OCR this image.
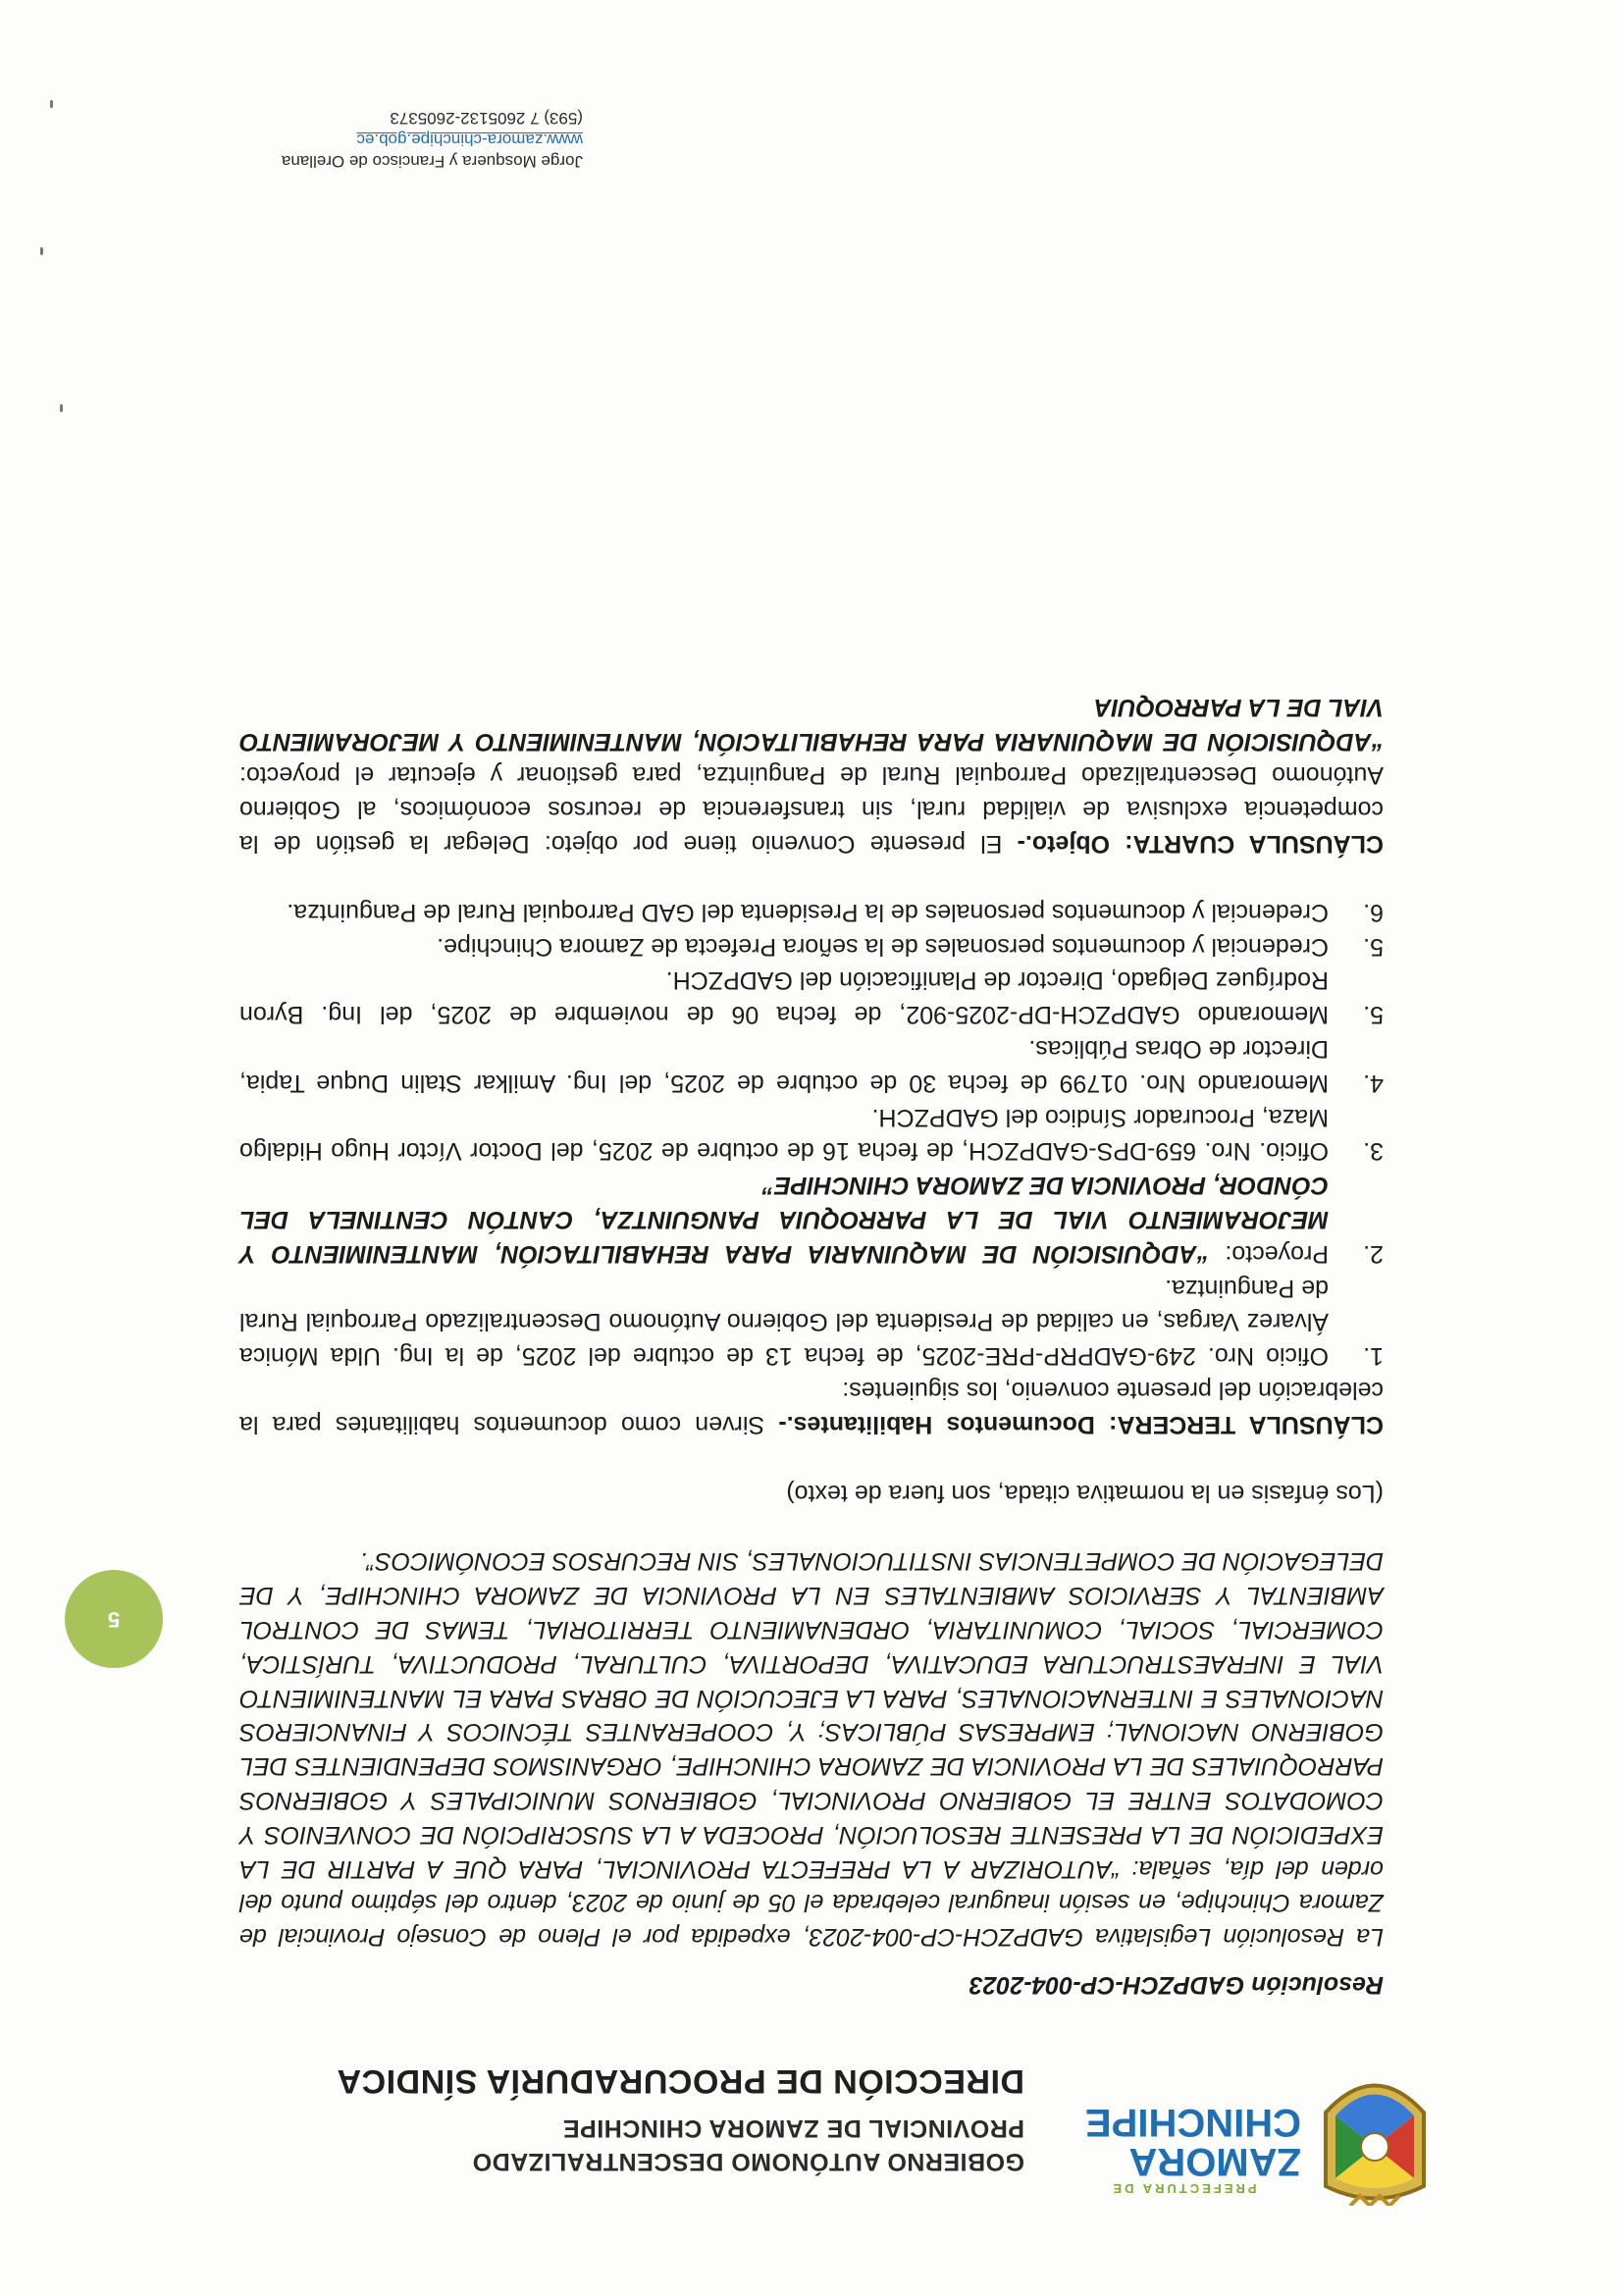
PREFECTURA DE
ZAMORA
CHINCHIPE
GOBIERNO AUTÓNOMO DESCENTRALIZADO
PROVINCIAL DE ZAMORA CHINCHIPE
DIRECCIÓN DE PROCURADURÍA SÍNDICA
5

Resolución GADPZCH-CP-004-2023

La Resolución Legislativa GADPZCH-CP-004-2023, expedida por el Pleno de Consejo Provincial de Zamora Chinchipe, en sesión inaugural celebrada el 05 de junio de 2023, dentro del séptimo punto del orden del día, señala: “AUTORIZAR A LA PREFECTA PROVINCIAL, PARA QUE A PARTIR DE LA EXPEDICIÓN DE LA PRESENTE RESOLUCIÓN, PROCEDA A LA SUSCRIPCIÓN DE CONVENIOS Y COMODATOS ENTRE EL GOBIERNO PROVINCIAL, GOBIERNOS MUNICIPALES Y GOBIERNOS PARROQUIALES DE LA PROVINCIA DE ZAMORA CHINCHIPE, ORGANISMOS DEPENDIENTES DEL GOBIERNO NACIONAL; EMPRESAS PÚBLICAS; Y, COOPERANTES TÉCNICOS Y FINANCIEROS NACIONALES E INTERNACIONALES, PARA LA EJECUCIÓN DE OBRAS PARA EL MANTENIMIENTO VIAL E INFRAESTRUCTURA EDUCATIVA, DEPORTIVA, CULTURAL, PRODUCTIVA, TURÍSTICA, COMERCIAL, SOCIAL, COMUNITARIA, ORDENAMIENTO TERRITORIAL, TEMAS DE CONTROL AMBIENTAL Y SERVICIOS AMBIENTALES EN LA PROVINCIA DE ZAMORA CHINCHIPE, Y DE DELEGACIÓN DE COMPETENCIAS INSTITUCIONALES, SIN RECURSOS ECONÓMICOS”.

(Los énfasis en la normativa citada, son fuera de texto)

CLÁUSULA TERCERA: Documentos Habilitantes.- Sirven como documentos habilitantes para la celebración del presente convenio, los siguientes:

1.
Oficio Nro. 249-GADPRP-PRE-2025, de fecha 13 de octubre del 2025, de la Ing. Ulda Mónica Álvarez Vargas, en calidad de Presidenta del Gobierno Autónomo Descentralizado Parroquial Rural de Panguintza.
2.
Proyecto: “ADQUISICIÓN DE MAQUINARIA PARA REHABILITACIÓN, MANTENIMIENTO Y MEJORAMIENTO VIAL DE LA PARROQUIA PANGUINTZA, CANTÓN CENTINELA DEL CÓNDOR, PROVINCIA DE ZAMORA CHINCHIPE”
3.
Oficio. Nro. 659-DPS-GADPZCH, de fecha 16 de octubre de 2025, del Doctor Víctor Hugo Hidalgo Maza, Procurador Síndico del GADPZCH.
4.
Memorando Nro. 01799 de fecha 30 de octubre de 2025, del Ing. Amilkar Stalin Duque Tapia, Director de Obras Públicas.
5.
Memorando GADPZCH-DP-2025-902, de fecha 06 de noviembre de 2025, del Ing. Byron Rodríguez Delgado, Director de Planificación del GADPZCH.
5.
Credencial y documentos personales de la señora Prefecta de Zamora Chinchipe.
6.
Credencial y documentos personales de la Presidenta del GAD Parroquial Rural de Panguintza.

CLÁUSULA CUARTA: Objeto.- El presente Convenio tiene por objeto: Delegar la gestión de la competencia exclusiva de vialidad rural, sin transferencia de recursos económicos, al Gobierno Autónomo Descentralizado Parroquial Rural de Panguintza, para gestionar y ejecutar el proyecto: “ADQUISICIÓN DE MAQUINARIA PARA REHABILITACIÓN, MANTENIMIENTO Y MEJORAMIENTO VIAL DE LA PARROQUIA

Jorge Mosquera y Francisco de Orellana
www.zamora-chinchipe.gob.ec
(593) 7 2605132-2605373
